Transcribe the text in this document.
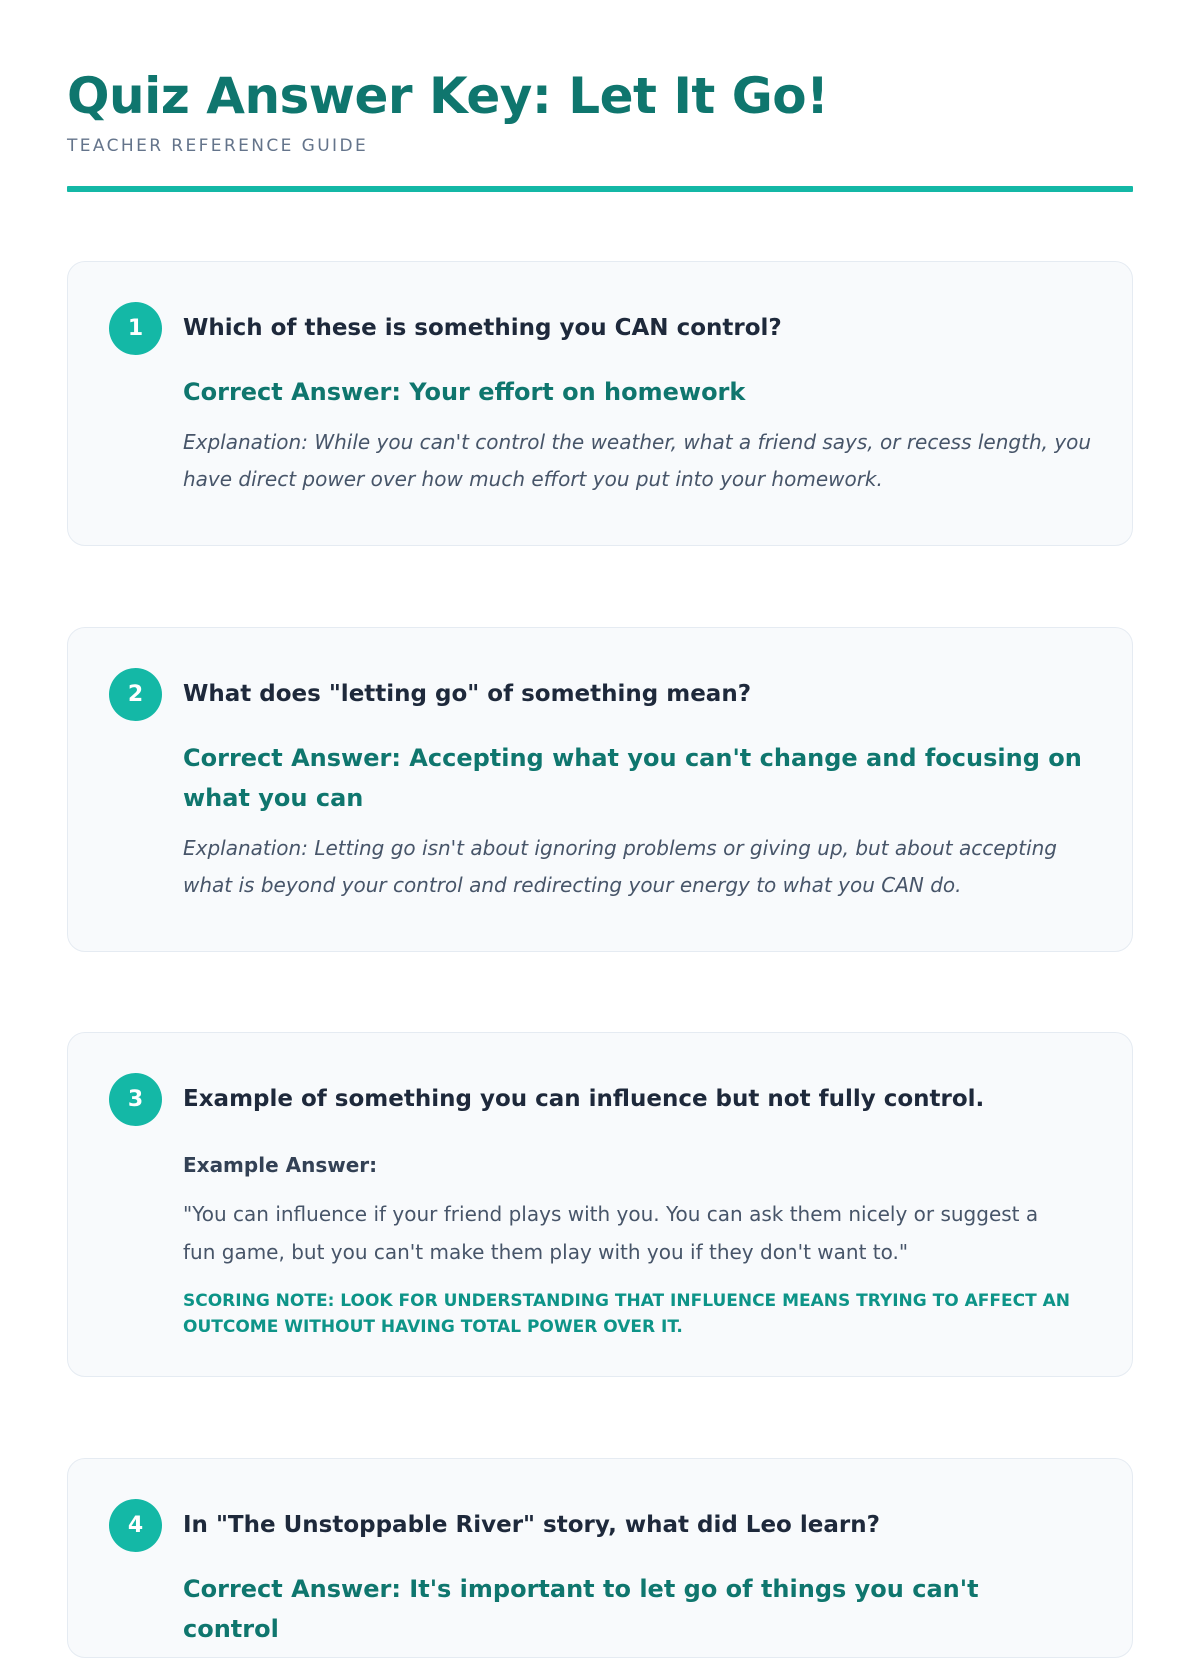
Quiz Answer Key: Let It Go!
TEACHER REFERENCE GUIDE
1	Which of these is something you CAN control?
Correct Answer: Your effort on homework
Explanation: While you can't control the weather, what a friend says, or recess length, you have direct power over how much effort you put into your homework.
2	What does "letting go" of something mean?
Correct Answer: Accepting what you can't change and focusing on what you can
Explanation: Letting go isn't about ignoring problems or giving up, but about accepting what is beyond your control and redirecting your energy to what you CAN do.
3	Example of something you can influence but not fully control.
Example Answer:
"You can influence if your friend plays with you. You can ask them nicely or suggest a fun game, but you can't make them play with you if they don't want to."
SCORING NOTE: LOOK FOR UNDERSTANDING THAT INFLUENCE MEANS TRYING TO AFFECT AN OUTCOME WITHOUT HAVING TOTAL POWER OVER IT.
4	In "The Unstoppable River" story, what did Leo learn?
Correct Answer: It's important to let go of things you can't control
